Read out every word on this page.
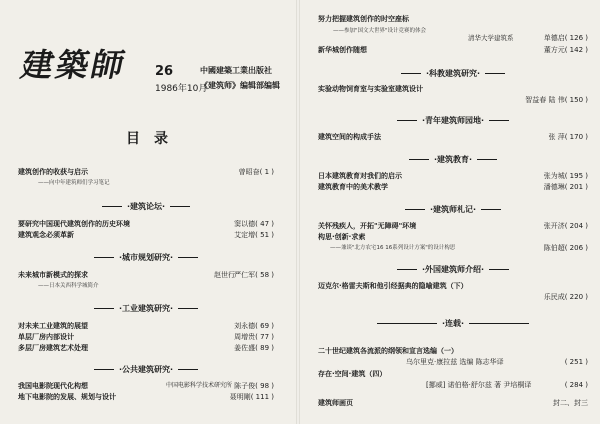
建築師 26
1986年10月
中國建築工業出版社
《建筑师》编辑部编辑
目录
建筑创作的收获与启示	曾昭奋( 1 )
——向中年建筑师们学习笔记
·建筑论坛·
要研究中国现代建筑创作的历史环境	窦以德( 47 )
建筑观念必须革新	艾定增( 51 )
·城市规划研究·
未来城市新模式的探求	赵世行 严仁军( 58 )
——日本关西科学城简介
·工业建筑研究·
对未来工业建筑的展望	刘永德( 69 )
单层厂房内部设计	周增贵( 77 )
多层厂房建筑艺术处理	姜佐盛( 89 )
·公共建筑研究·
我国电影院现代化构想	中国电影科学技术研究所 陈子俊( 98 )
地下电影院的发展、规划与设计	聂明剛( 111 )
努力把握建筑创作的时空座标
——参加"国文大世界"设计竞赛的体会
清华大学建筑系	单德启( 126 )
新华城创作随想	董方元( 142 )
·科教建筑研究·
实验动物饲育室与实验室建筑设计
智益春 陆 伟( 150 )
·青年建筑师园地·
建筑空间的构成手法	张 萍( 170 )
·建筑教育·
日本建筑教育对我们的启示	张为城( 195 )
建筑教育中的美术教学	潘德琳( 201 )
·建筑师札记·
关怀残疾人，开拓"无障碍"环境	张开济( 204 )
构思·创新·求索
——兼谈"北方农宅16 16系列设计方案"的设计构思	陈伯超( 206 )
·外国建筑师介绍·
迈克尔·格雷夫斯和他引经据典的隐喻建筑（下）
乐民成( 220 )
·连载·
二十世纪建筑各流派的纲领和宣言选编（一）
乌尔里克·康拉兹 选编 陈志华译	( 251 )
存在·空间·建筑（四）
[挪威] 诺伯格·舒尔兹 著 尹培桐译	( 284 )
建筑师画页	封二、封三
